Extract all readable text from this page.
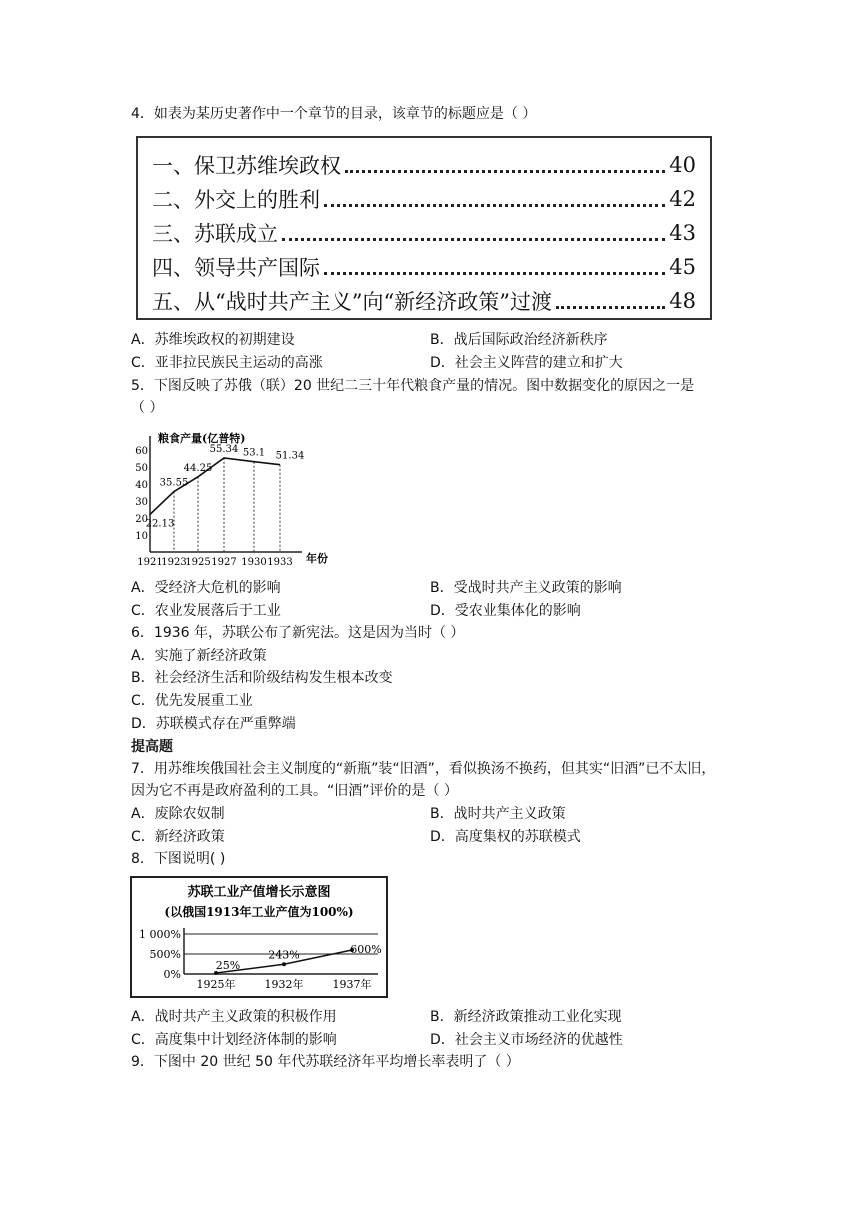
4．如表为某历史著作中一个章节的目录，该章节的标题应是（ ）
一、保卫苏维埃政权	40
二、外交上的胜利	42
三、苏联成立	43
四、领导共产国际	45
五、从“战时共产主义”向“新经济政策”过渡	48
A．苏维埃政权的初期建设	B．战后国际政治经济新秩序
C．亚非拉民族民主运动的高涨	D．社会主义阵营的建立和扩大
5．下图反映了苏俄（联）20 世纪二三十年代粮食产量的情况。图中数据变化的原因之一是
（ ）
10
20
30
40
50
60
1921
1923
1925 1927 1930 1933
22.13
35.55
44.25
55.34 53.1 51.34
粮食产量(亿普特)
年份
A．受经济大危机的影响	B．受战时共产主义政策的影响
C．农业发展落后于工业	D．受农业集体化的影响
6．1936 年，苏联公布了新宪法。这是因为当时（ ）
A．实施了新经济政策
B．社会经济生活和阶级结构发生根本改变
C．优先发展重工业
D．苏联模式存在严重弊端
提高题
7．用苏维埃俄国社会主义制度的“新瓶”装“旧酒”，看似换汤不换药，但其实“旧酒”已不太旧，
因为它不再是政府盈利的工具。“旧酒”评价的是（ ）
A．废除农奴制	B．战时共产主义政策
C．新经济政策	D．高度集权的苏联模式
8．下图说明( )
苏联工业产值增长示意图
(以俄国1913年工业产值为100%)
0%
500%
1 000%
1925年	1932年	1937年
25%
243%	600%
A．战时共产主义政策的积极作用	B．新经济政策推动工业化实现
C．高度集中计划经济体制的影响	D．社会主义市场经济的优越性
9．下图中 20 世纪 50 年代苏联经济年平均增长率表明了（ ）
